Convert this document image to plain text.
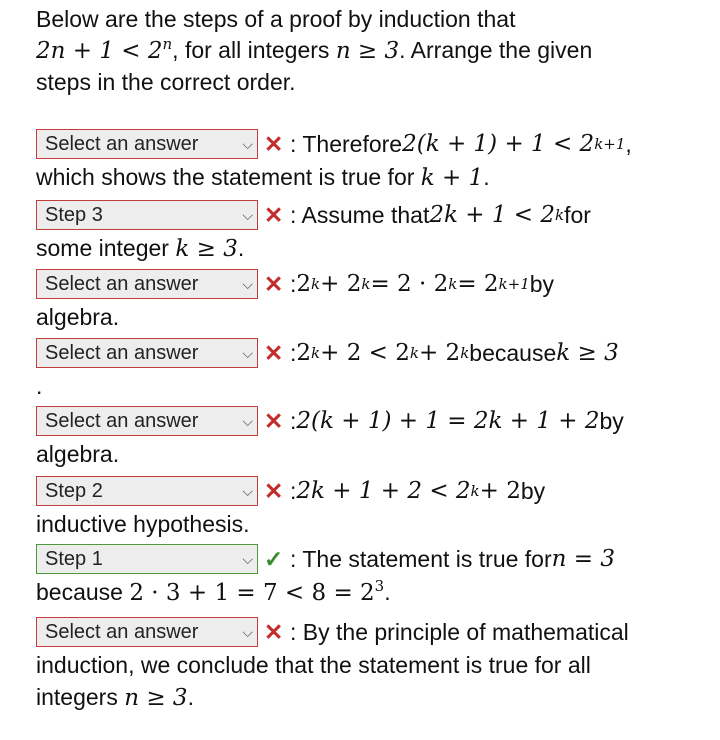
Below are the steps of a proof by induction that
$2n + 1 < 2^n$, for all integers n ≥ 3. Arrange the given
steps in the correct order.
Select an answer	⌵ ✕ : Therefore 2(k + 1) + 1 < 2 k+1 ,
which shows the statement is true for k + 1.
Step 3	⌵ ✕ : Assume that 2k + 1 < 2 k for
some integer k ≥ 3.
Select an answer	⌵ ✕ : 2 k + 2 k = 2 · 2 k = 2 k+1 by
algebra.
Select an answer	⌵ ✕ : 2 k + 2 < 2 k + 2 k because k ≥ 3
.
Select an answer	⌵ ✕ : 2(k + 1) + 1 = 2k + 1 + 2 by
algebra.
Step 2	⌵ ✕ : 2k + 1 + 2 < 2 k + 2 by
inductive hypothesis.
Step 1	⌵ ✓ : The statement is true for n = 3
because $2 \cdot 3 + 1 = 7 < 8 = 2^3$.
Select an answer	⌵ ✕ : By the principle of mathematical
induction, we conclude that the statement is true for all
integers n ≥ 3.
